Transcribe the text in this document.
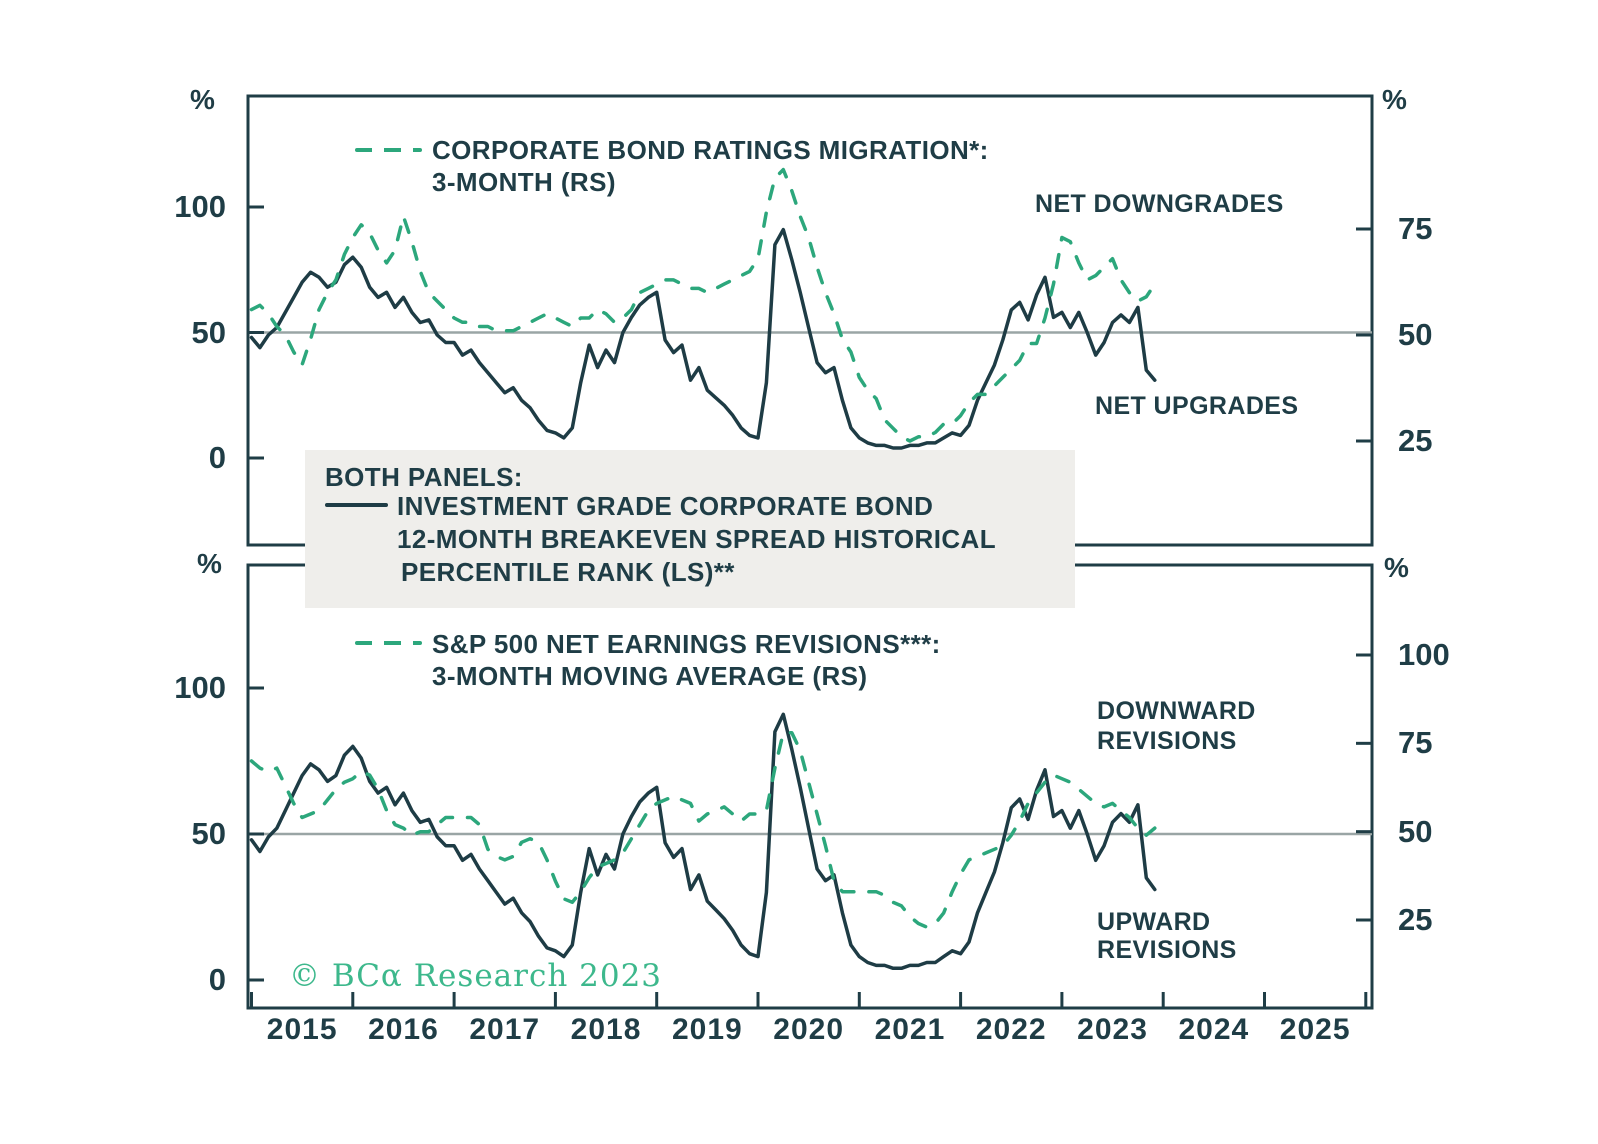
%	%
%	%
CORPORATE BOND RATINGS MIGRATION*:
3-MONTH (RS)
NET DOWNGRADES
NET UPGRADES
BOTH PANELS:
INVESTMENT GRADE CORPORATE BOND
12-MONTH BREAKEVEN SPREAD HISTORICAL
PERCENTILE RANK (LS)**
S&P 500 NET EARNINGS REVISIONS***:
3-MONTH MOVING AVERAGE (RS)
DOWNWARD
REVISIONS
UPWARD
REVISIONS
© BCα Research 2023
100
50
0
75
50
25
100
50
0
100
75
50
25
2015	2016	2017	2018	2019	2020	2021	2022	2023	2024	2025
